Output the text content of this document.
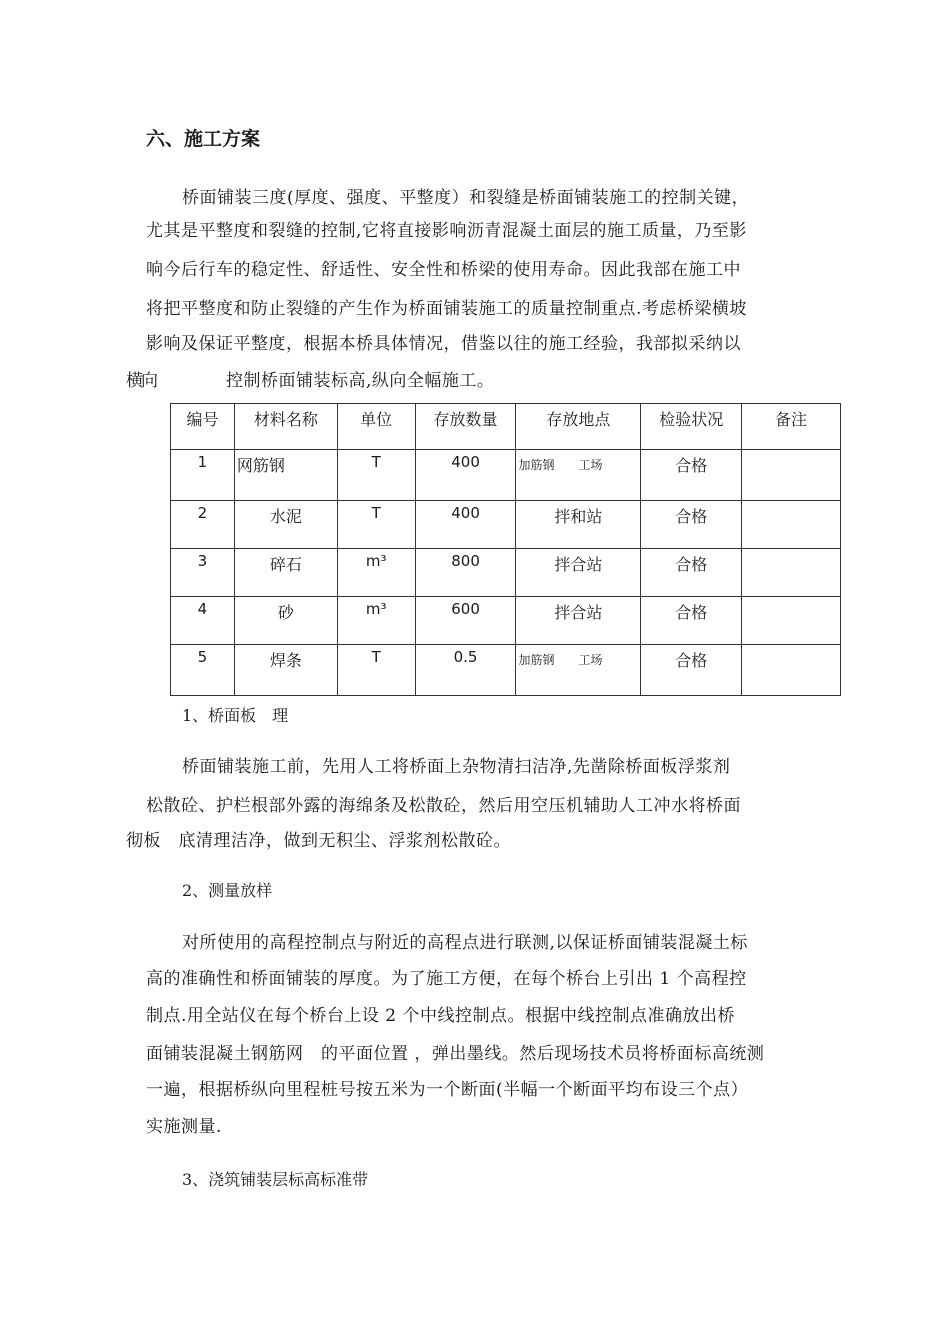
六、施工方案
桥面铺装三度(厚度、强度、平整度）和裂缝是桥面铺装施工的控制关键，
尤其是平整度和裂缝的控制,它将直接影响沥青混凝土面层的施工质量，乃至影
响今后行车的稳定性、舒适性、安全性和桥梁的使用寿命。因此我部在施工中
将把平整度和防止裂缝的产生作为桥面铺装施工的质量控制重点.考虑桥梁横坡
影响及保证平整度，根据本桥具体情况，借鉴以往的施工经验，我部拟采纳以
横向	控制桥面铺装标高,纵向全幅施工。
编号	材料名称	单位	存放数量	存放地点	检验状况	备注
1	网筋钢	T	400	加筋钢　　工场	合格	
2	水泥	T	400	拌和站	合格	
3	碎石	m³	800	拌合站	合格	
4	砂	m³	600	拌合站	合格	
5	焊条	T	0.5	加筋钢　　工场	合格	
1、桥面板　理
桥面铺装施工前，先用人工将桥面上杂物清扫洁净,先凿除桥面板浮浆剂
松散砼、护栏根部外露的海绵条及松散砼，然后用空压机辅助人工冲水将桥面
彻板　底清理洁净，做到无积尘、浮浆剂松散砼。
2、测量放样
对所使用的高程控制点与附近的高程点进行联测,以保证桥面铺装混凝土标
高的准确性和桥面铺装的厚度。为了施工方便，在每个桥台上引出 1 个高程控
制点.用全站仪在每个桥台上设 2 个中线控制点。根据中线控制点准确放出桥
面铺装混凝土钢筋网　的平面位置 ，弹出墨线。然后现场技术员将桥面标高统测
一遍，根据桥纵向里程桩号按五米为一个断面(半幅一个断面平均布设三个点）
实施测量.
3、浇筑铺装层标高标准带
